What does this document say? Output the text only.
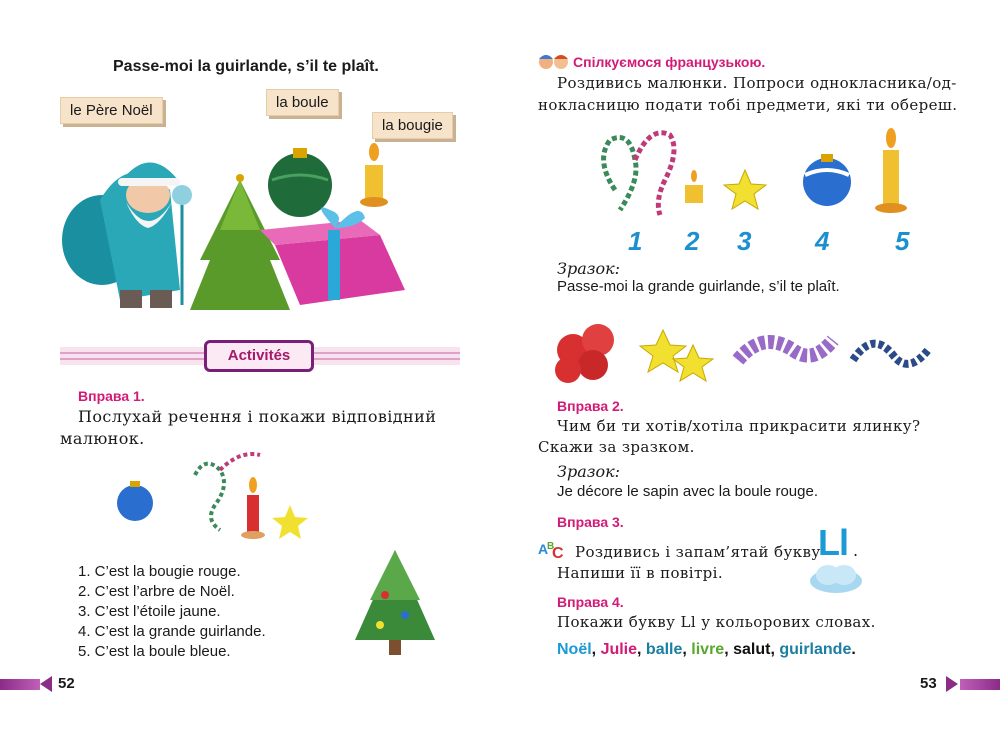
Passe-moi la guirlande, s’il te plaît.
le Père Noël	la boule
la bougie
Activités
Вправа 1.
Послухай речення і покажи відповідний
малюнок.
1. C’est la bougie rouge.
2. C’est l’arbre de Noël.
3. C’est l’étoile jaune.
4. C’est la grande guirlande.
5. C’est la boule bleue.
52
Спілкуємося французькою.
Роздивись малюнки. Попроси однокласника/од-
нокласницю подати тобі предмети, які ти обереш.
1 2 3 4	5
Зразок:
Passe-moi la grande guirlande, s’il te plaît.
Вправа 2.
Чим би ти хотів/хотіла прикрасити ялинку?
Скажи за зразком.
Зразок:
Je décore le sapin avec la boule rouge.
Вправа 3.
A
B
C Роздивись і запам’ятай букву
Ll .
Напиши її в повітрі.
Вправа 4.
Покажи букву Ll у кольорових словах.
Noël, Julie, balle, livre, salut, guirlande.
53
